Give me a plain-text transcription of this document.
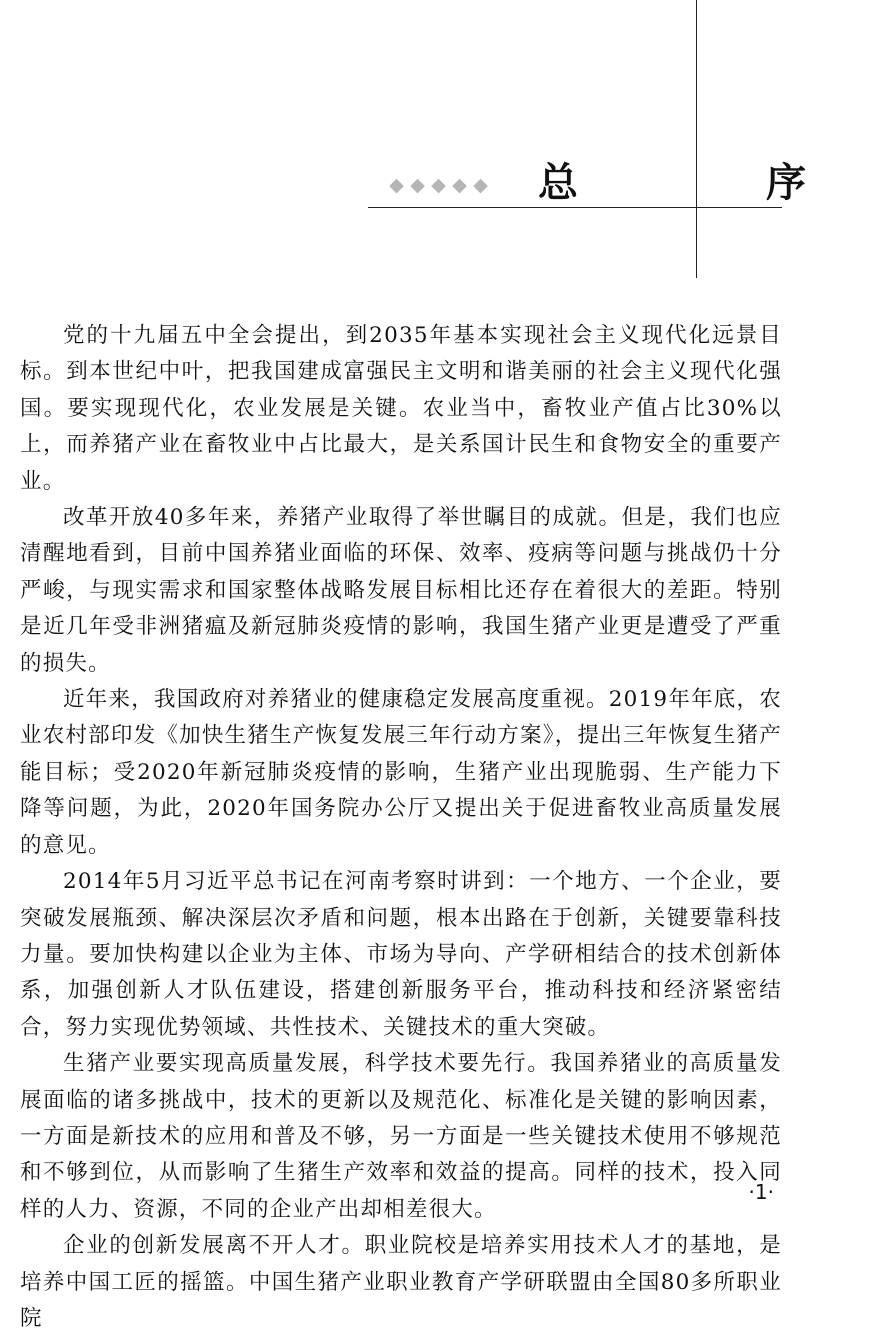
◆ ◆ ◆ ◆ ◆ 总　序

党的十九届五中全会提出，到2035年基本实现社会主义现代化远景目标。到本世纪中叶，把我国建成富强民主文明和谐美丽的社会主义现代化强国。要实现现代化，农业发展是关键。农业当中，畜牧业产值占比30%以上，而养猪产业在畜牧业中占比最大，是关系国计民生和食物安全的重要产业。

改革开放40多年来，养猪产业取得了举世瞩目的成就。但是，我们也应清醒地看到，目前中国养猪业面临的环保、效率、疫病等问题与挑战仍十分严峻，与现实需求和国家整体战略发展目标相比还存在着很大的差距。特别是近几年受非洲猪瘟及新冠肺炎疫情的影响，我国生猪产业更是遭受了严重的损失。

近年来，我国政府对养猪业的健康稳定发展高度重视。2019年年底，农业农村部印发《加快生猪生产恢复发展三年行动方案》，提出三年恢复生猪产能目标；受2020年新冠肺炎疫情的影响，生猪产业出现脆弱、生产能力下降等问题，为此，2020年国务院办公厅又提出关于促进畜牧业高质量发展的意见。

2014年5月习近平总书记在河南考察时讲到：一个地方、一个企业，要突破发展瓶颈、解决深层次矛盾和问题，根本出路在于创新，关键要靠科技力量。要加快构建以企业为主体、市场为导向、产学研相结合的技术创新体系，加强创新人才队伍建设，搭建创新服务平台，推动科技和经济紧密结合，努力实现优势领域、共性技术、关键技术的重大突破。

生猪产业要实现高质量发展，科学技术要先行。我国养猪业的高质量发展面临的诸多挑战中，技术的更新以及规范化、标准化是关键的影响因素，一方面是新技术的应用和普及不够，另一方面是一些关键技术使用不够规范和不够到位，从而影响了生猪生产效率和效益的提高。同样的技术，投入同样的人力、资源，不同的企业产出却相差很大。

企业的创新发展离不开人才。职业院校是培养实用技术人才的基地，是培养中国工匠的摇篮。中国生猪产业职业教育产学研联盟由全国80多所职业院

·1·
